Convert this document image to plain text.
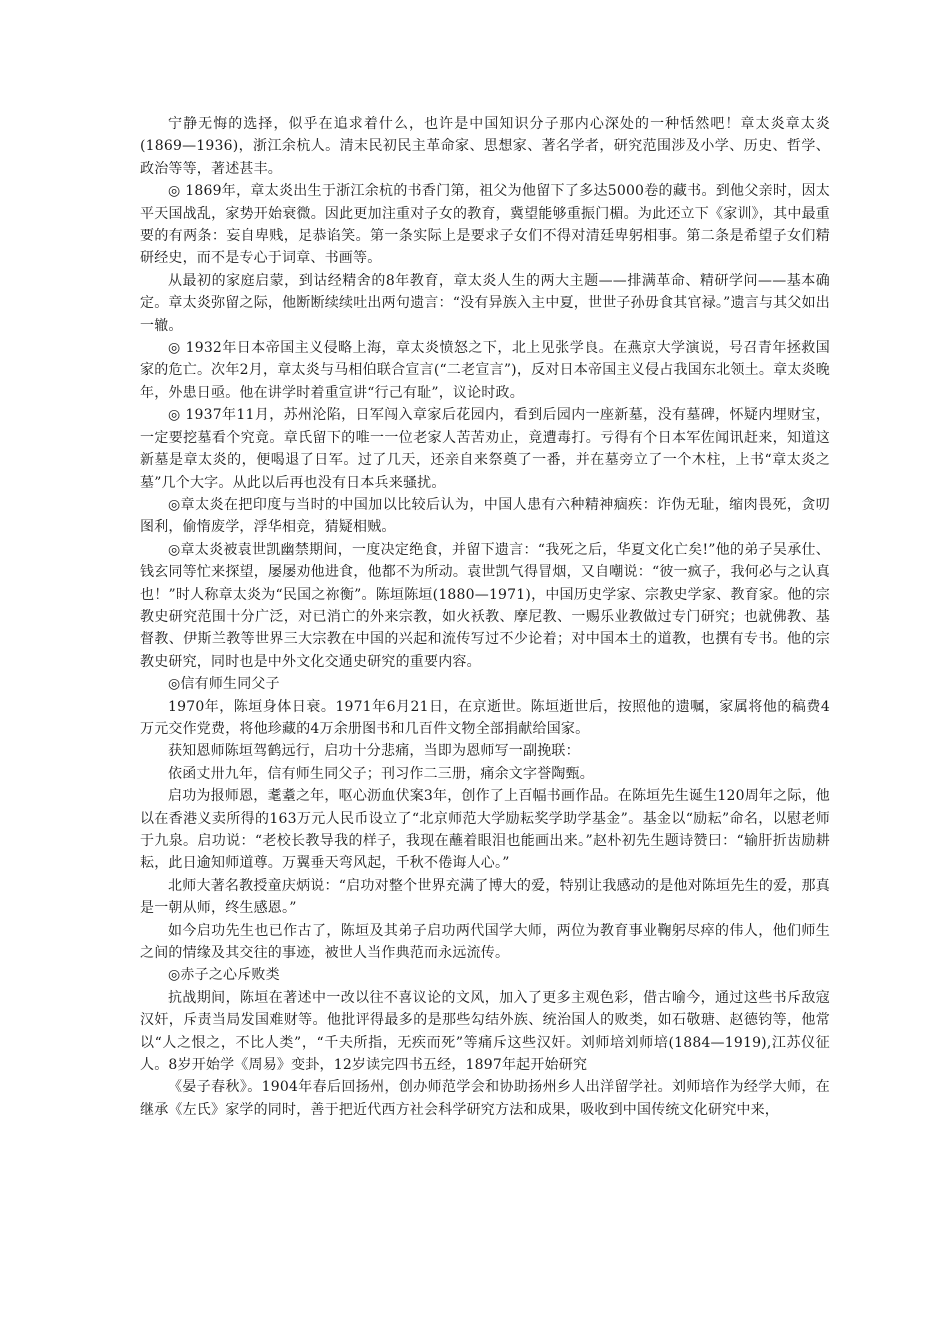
宁静无悔的选择，似乎在追求着什么，也许是中国知识分子那内心深处的一种恬然吧！章太炎章太炎(1869—1936)，浙江余杭人。清末民初民主革命家、思想家、著名学者，研究范围涉及小学、历史、哲学、政治等等，著述甚丰。

◎ 1869年，章太炎出生于浙江余杭的书香门第，祖父为他留下了多达5000卷的藏书。到他父亲时，因太平天国战乱，家势开始衰微。因此更加注重对子女的教育，冀望能够重振门楣。为此还立下《家训》，其中最重要的有两条：妄自卑贱，足恭谄笑。第一条实际上是要求子女们不得对清廷卑躬相事。第二条是希望子女们精研经史，而不是专心于词章、书画等。

从最初的家庭启蒙，到诂经精舍的8年教育，章太炎人生的两大主题——排满革命、精研学问——基本确定。章太炎弥留之际，他断断续续吐出两句遗言：“没有异族入主中夏，世世子孙毋食其官禄。”遗言与其父如出一辙。

◎ 1932年日本帝国主义侵略上海，章太炎愤怒之下，北上见张学良。在燕京大学演说，号召青年拯救国家的危亡。次年2月，章太炎与马相伯联合宣言(“二老宣言”)，反对日本帝国主义侵占我国东北领土。章太炎晚年，外患日亟。他在讲学时着重宣讲“行己有耻”，议论时政。

◎ 1937年11月，苏州沦陷，日军闯入章家后花园内，看到后园内一座新墓，没有墓碑，怀疑内埋财宝，一定要挖墓看个究竟。章氏留下的唯一一位老家人苦苦劝止，竟遭毒打。亏得有个日本军佐闻讯赶来，知道这新墓是章太炎的，便喝退了日军。过了几天，还亲自来祭奠了一番，并在墓旁立了一个木柱，上书“章太炎之墓”几个大字。从此以后再也没有日本兵来骚扰。

◎章太炎在把印度与当时的中国加以比较后认为，中国人患有六种精神痼疾：诈伪无耻，缩肉畏死，贪叨图利，偷惰废学，浮华相竞，猜疑相贼。

◎章太炎被袁世凯幽禁期间，一度决定绝食，并留下遗言：“我死之后，华夏文化亡矣!”他的弟子吴承仕、钱玄同等忙来探望，屡屡劝他进食，他都不为所动。袁世凯气得冒烟，又自嘲说：“彼一疯子，我何必与之认真也！”时人称章太炎为“民国之祢衡”。陈垣陈垣(1880—1971)，中国历史学家、宗教史学家、教育家。他的宗教史研究范围十分广泛，对已消亡的外来宗教，如火袄教、摩尼教、一赐乐业教做过专门研究；也就佛教、基督教、伊斯兰教等世界三大宗教在中国的兴起和流传写过不少论着；对中国本土的道教，也撰有专书。他的宗教史研究，同时也是中外文化交通史研究的重要内容。

◎信有师生同父子

1970年，陈垣身体日衰。1971年6月21日，在京逝世。陈垣逝世后，按照他的遗嘱，家属将他的稿费4万元交作党费，将他珍藏的4万余册图书和几百件文物全部捐献给国家。

获知恩师陈垣驾鹤远行，启功十分悲痛，当即为恩师写一副挽联：

依函丈卅九年，信有师生同父子；刊习作二三册，痛余文字誉陶甄。

启功为报师恩，耄耋之年，呕心沥血伏案3年，创作了上百幅书画作品。在陈垣先生诞生120周年之际，他以在香港义卖所得的163万元人民币设立了“北京师范大学励耘奖学助学基金”。基金以“励耘”命名，以慰老师于九泉。启功说：“老校长教导我的样子，我现在蘸着眼泪也能画出来。”赵朴初先生题诗赞曰：“输肝折齿励耕耘，此日逾知师道尊。万翼垂天弯风起，千秋不倦诲人心。”

北师大著名教授童庆炳说：“启功对整个世界充满了博大的爱，特别让我感动的是他对陈垣先生的爱，那真是一朝从师，终生感恩。”

如今启功先生也已作古了，陈垣及其弟子启功两代国学大师，两位为教育事业鞠躬尽瘁的伟人，他们师生之间的情缘及其交往的事迹，被世人当作典范而永远流传。

◎赤子之心斥败类

抗战期间，陈垣在著述中一改以往不喜议论的文风，加入了更多主观色彩，借古喻今，通过这些书斥敌寇汉奸，斥责当局发国难财等。他批评得最多的是那些勾结外族、统治国人的败类，如石敬瑭、赵德钧等，他常以“人之恨之，不比人类”，“千夫所指，无疾而死”等痛斥这些汉奸。刘师培刘师培(1884—1919),江苏仪征人。8岁开始学《周易》变卦，12岁读完四书五经，1897年起开始研究

《晏子春秋》。1904年春后回扬州，创办师范学会和协助扬州乡人出洋留学社。刘师培作为经学大师，在继承《左氏》家学的同时，善于把近代西方社会科学研究方法和成果，吸收到中国传统文化研究中来，
